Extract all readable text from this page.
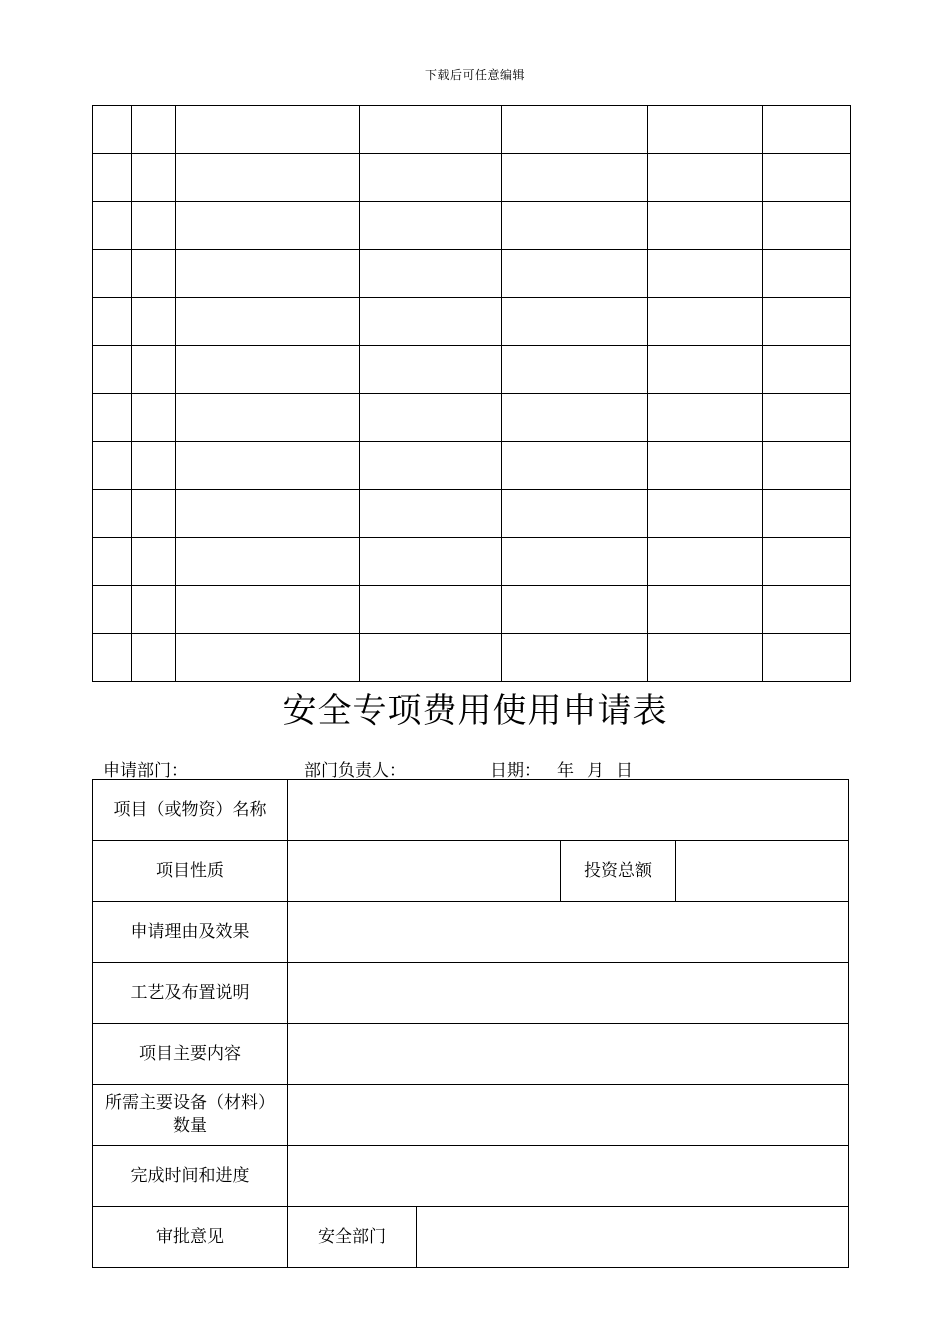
下载后可任意编辑

安全专项费用使用申请表
申请部门：	部门负责人：	日期： 年 月 日
项目（或物资）名称				
项目性质			投资总额	
申请理由及效果				
工艺及布置说明				
项目主要内容				

所需主要设备（材料）数量				

完成时间和进度				
审批意见	安全部门			
